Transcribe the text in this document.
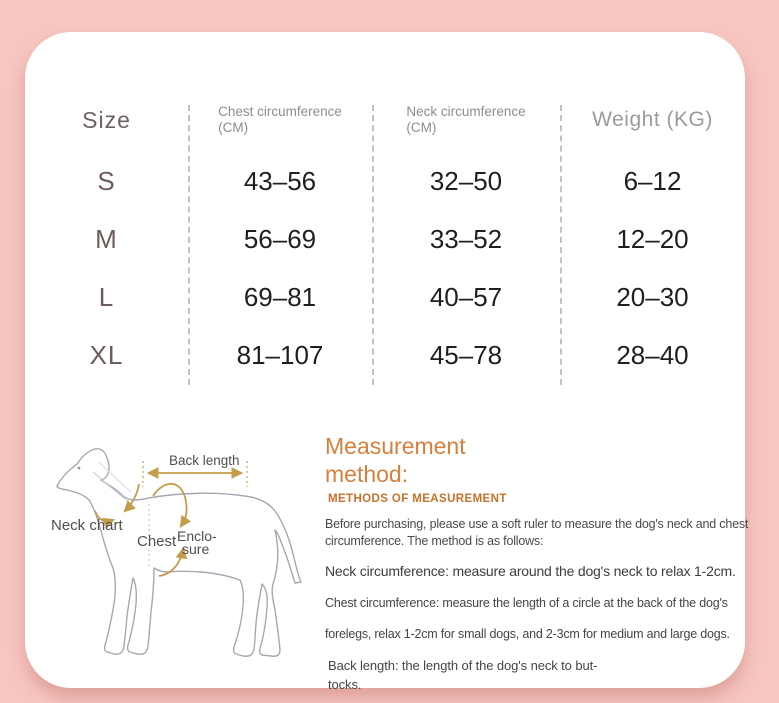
Size	Chest circumference
(CM)
Neck circumference
(CM)	Weight (KG)
S	43–56	32–50	6–12
M	56–69	33–52	12–20
L	69–81	40–57	20–30
XL	81–107	45–78	28–40
Back length
Neck chart
Chest Enclo-
sure
Measurement
method:
METHODS OF MEASUREMENT
Before purchasing, please use a soft ruler to measure the dog's neck and chest
circumference. The method is as follows:
Neck circumference: measure around the dog's neck to relax 1-2cm.
Chest circumference: measure the length of a circle at the back of the dog's
forelegs, relax 1-2cm for small dogs, and 2-3cm for medium and large dogs.
Back length: the length of the dog's neck to but-
tocks.
